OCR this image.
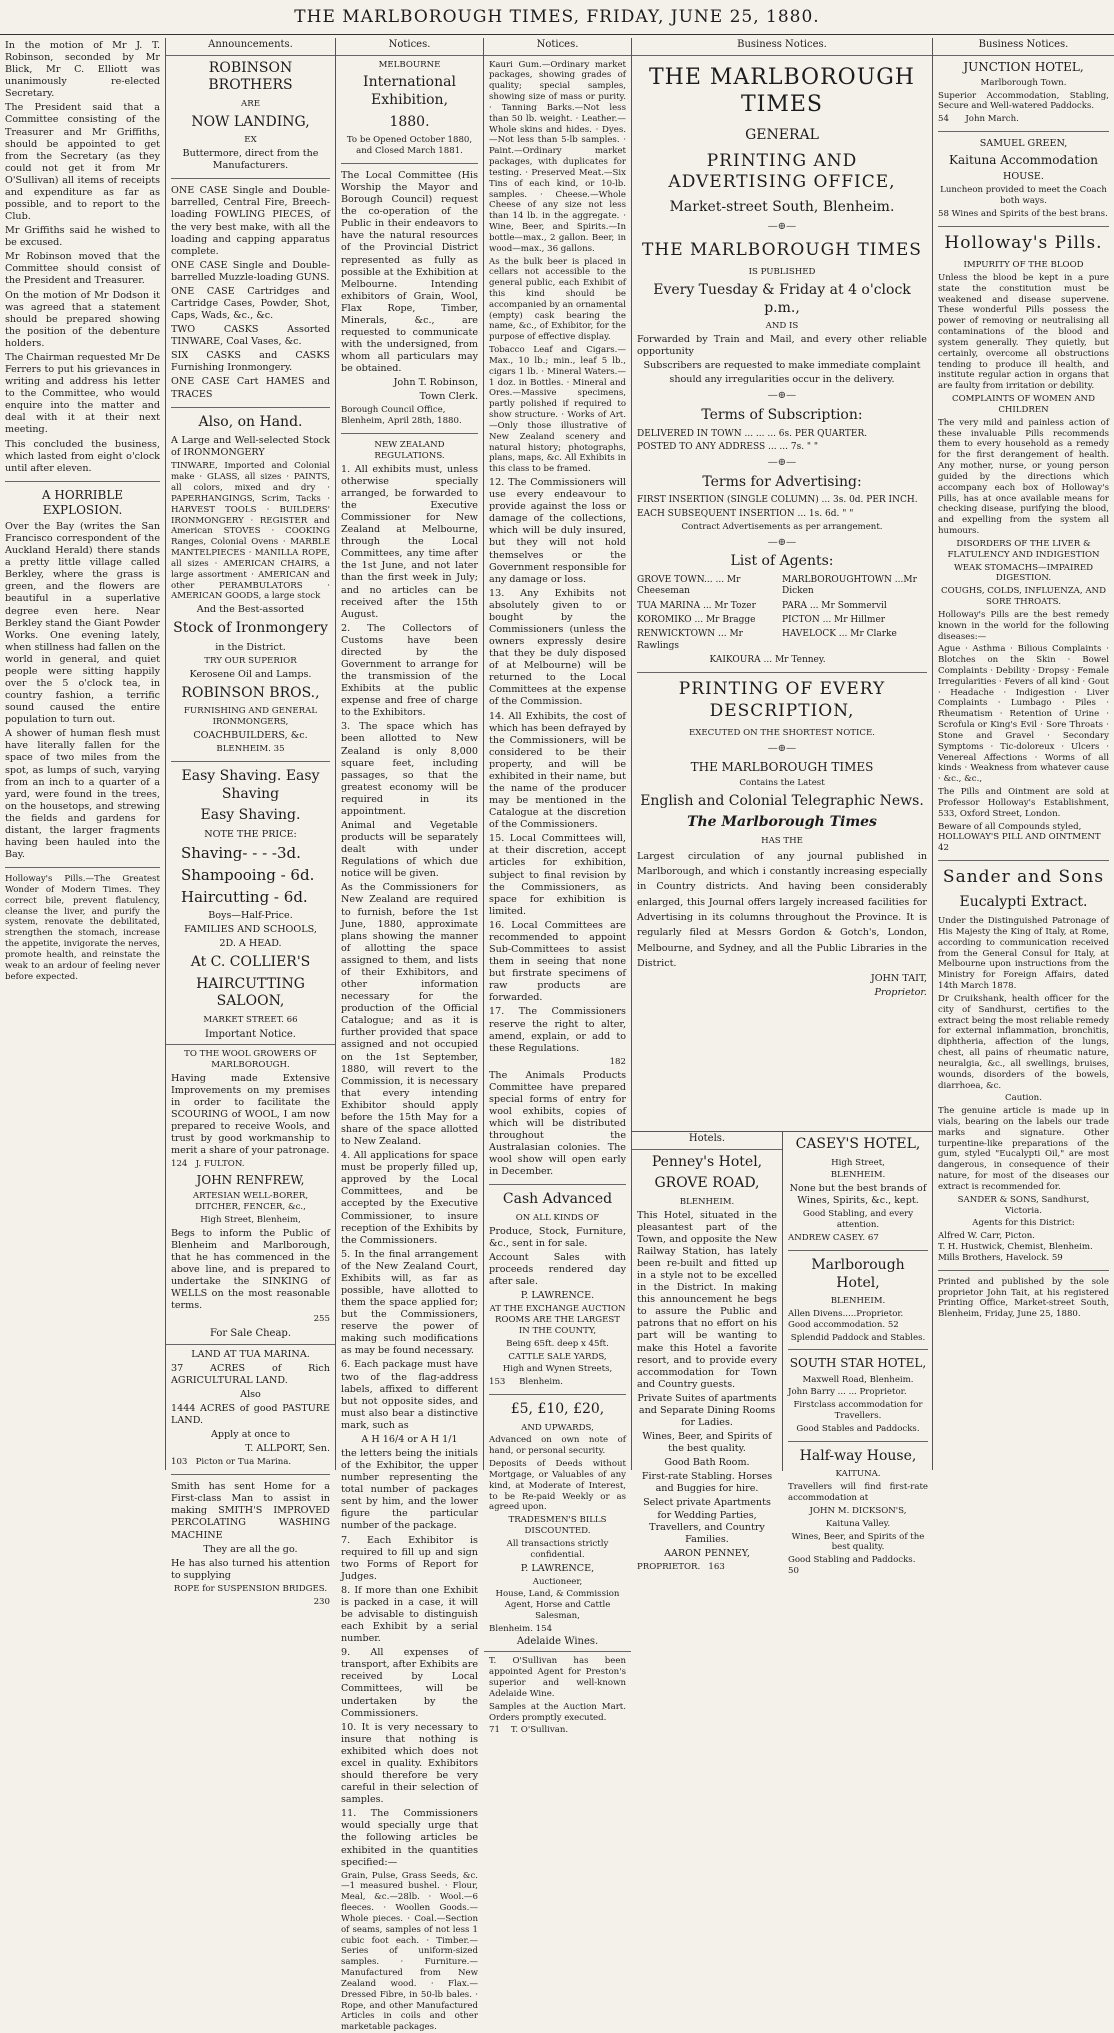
THE MARLBOROUGH TIMES, FRIDAY, JUNE 25, 1880.

In the motion of Mr J. T. Robinson, seconded by Mr Blick, Mr C. Elliott was unanimously re-elected Secretary.

The President said that a Committee consisting of the Treasurer and Mr Griffiths, should be appointed to get from the Secretary (as they could not get it from Mr O'Sullivan) all items of receipts and expenditure as far as possible, and to report to the Club.

Mr Griffiths said he wished to be excused.

Mr Robinson moved that the Committee should consist of the President and Treasurer.

On the motion of Mr Dodson it was agreed that a statement should be prepared showing the position of the debenture holders.

The Chairman requested Mr De Ferrers to put his grievances in writing and address his letter to the Committee, who would enquire into the matter and deal with it at their next meeting.

This concluded the business, which lasted from eight o'clock until after eleven.

A HORRIBLE EXPLOSION.

Over the Bay (writes the San Francisco correspondent of the Auckland Herald) there stands a pretty little village called Berkley, where the grass is green, and the flowers are beautiful in a superlative degree even here. Near Berkley stand the Giant Powder Works. One evening lately, when stillness had fallen on the world in general, and quiet people were sitting happily over the 5 o'clock tea, in country fashion, a terrific sound caused the entire population to turn out.

A shower of human flesh must have literally fallen for the space of two miles from the spot, as lumps of such, varying from an inch to a quarter of a yard, were found in the trees, on the housetops, and strewing the fields and gardens for distant, the larger fragments having been hauled into the Bay.

Holloway's Pills.—The Greatest Wonder of Modern Times. They correct bile, prevent flatulency, cleanse the liver, and purify the system, renovate the debilitated, strengthen the stomach, increase the appetite, invigorate the nerves, promote health, and reinstate the weak to an ardour of feeling never before expected.

Announcements.
ROBINSON BROTHERS
ARE
NOW LANDING,
EX
Buttermore, direct from the Manufacturers.

ONE CASE Single and Double-barrelled, Central Fire, Breech-loading FOWLING PIECES, of the very best make, with all the loading and capping apparatus complete.

ONE CASE Single and Double-barrelled Muzzle-loading GUNS.

ONE CASE Cartridges and Cartridge Cases, Powder, Shot, Caps, Wads, &c., &c.

TWO CASKS Assorted TINWARE, Coal Vases, &c.

SIX CASKS and CASKS Furnishing Ironmongery.

ONE CASE Cart HAMES and TRACES

Also, on Hand.

A Large and Well-selected Stock of IRONMONGERY

TINWARE, Imported and Colonial make · GLASS, all sizes · PAINTS, all colors, mixed and dry · PAPERHANGINGS, Scrim, Tacks · HARVEST TOOLS · BUILDERS' IRONMONGERY · REGISTER and American STOVES · COOKING Ranges, Colonial Ovens · MARBLE MANTELPIECES · MANILLA ROPE, all sizes · AMERICAN CHAIRS, a large assortment · AMERICAN and other PERAMBULATORS · AMERICAN GOODS, a large stock

And the Best-assorted
Stock of Ironmongery
in the District.
TRY OUR SUPERIOR
Kerosene Oil and Lamps.
ROBINSON BROS.,
FURNISHING AND GENERAL IRONMONGERS,
COACHBUILDERS, &c.
BLENHEIM. 35
Easy Shaving. Easy Shaving
Easy Shaving.
NOTE THE PRICE:
Shaving- - - -3d.
Shampooing - 6d.
Haircutting - 6d.
Boys—Half-Price.
FAMILIES AND SCHOOLS,
2D. A HEAD.
At C. COLLIER'S
HAIRCUTTING SALOON,
MARKET STREET. 66
Important Notice.
TO THE WOOL GROWERS OF MARLBOROUGH.

Having made Extensive Improvements on my premises in order to facilitate the SCOURING of WOOL, I am now prepared to receive Wools, and trust by good workmanship to merit a share of your patronage.

124 J. FULTON.
JOHN RENFREW,
ARTESIAN WELL-BORER, DITCHER, FENCER, &c.,
High Street, Blenheim,

Begs to inform the Public of Blenheim and Marlborough, that he has commenced in the above line, and is prepared to undertake the SINKING of WELLS on the most reasonable terms.

255
For Sale Cheap.
LAND AT TUA MARINA.

37 ACRES of Rich AGRICULTURAL LAND.

Also

1444 ACRES of good PASTURE LAND.

Apply at once to
T. ALLPORT, Sen.
103 Picton or Tua Marina.

Smith has sent Home for a First-class Man to assist in making SMITH'S IMPROVED PERCOLATING WASHING MACHINE

They are all the go.

He has also turned his attention to supplying

ROPE for SUSPENSION BRIDGES.
230
Notices.
MELBOURNE
International Exhibition,
1880.
To be Opened October 1880, and Closed March 1881.

The Local Committee (His Worship the Mayor and Borough Council) request the co-operation of the Public in their endeavors to have the natural resources of the Provincial District represented as fully as possible at the Exhibition at Melbourne. Intending exhibitors of Grain, Wool, Flax Rope, Timber, Minerals, &c., are requested to communicate with the undersigned, from whom all particulars may be obtained.

John T. Robinson,
Town Clerk.
Borough Council Office,
Blenheim, April 28th, 1880.
NEW ZEALAND REGULATIONS.

1. All exhibits must, unless otherwise specially arranged, be forwarded to the Executive Commissioner for New Zealand at Melbourne, through the Local Committees, any time after the 1st June, and not later than the first week in July; and no articles can be received after the 15th August.

2. The Collectors of Customs have been directed by the Government to arrange for the transmission of the Exhibits at the public expense and free of charge to the Exhibitors.

3. The space which has been allotted to New Zealand is only 8,000 square feet, including passages, so that the greatest economy will be required in its appointment.

Animal and Vegetable products will be separately dealt with under Regulations of which due notice will be given.

As the Commissioners for New Zealand are required to furnish, before the 1st June, 1880, approximate plans showing the manner of allotting the space assigned to them, and lists of their Exhibitors, and other information necessary for the production of the Official Catalogue; and as it is further provided that space assigned and not occupied on the 1st September, 1880, will revert to the Commission, it is necessary that every intending Exhibitor should apply before the 15th May for a share of the space allotted to New Zealand.

4. All applications for space must be properly filled up, approved by the Local Committees, and be accepted by the Executive Commissioner, to insure reception of the Exhibits by the Commissioners.

5. In the final arrangement of the New Zealand Court, Exhibits will, as far as possible, have allotted to them the space applied for; but the Commissioners, reserve the power of making such modifications as may be found necessary.

6. Each package must have two of the flag-address labels, affixed to different but not opposite sides, and must also bear a distinctive mark, such as

A H 16/4 or A H 1/1

the letters being the initials of the Exhibitor, the upper number representing the total number of packages sent by him, and the lower figure the particular number of the package.

7. Each Exhibitor is required to fill up and sign two Forms of Report for Judges.

8. If more than one Exhibit is packed in a case, it will be advisable to distinguish each Exhibit by a serial number.

9. All expenses of transport, after Exhibits are received by Local Committees, will be undertaken by the Commissioners.

10. It is very necessary to insure that nothing is exhibited which does not excel in quality. Exhibitors should therefore be very careful in their selection of samples.

11. The Commissioners would specially urge that the following articles be exhibited in the quantities specified:—

Grain, Pulse, Grass Seeds, &c.—1 measured bushel. · Flour, Meal, &c.—28lb. · Wool.—6 fleeces. · Woollen Goods.—Whole pieces. · Coal.—Section of seams, samples of not less 1 cubic foot each. · Timber.—Series of uniform-sized samples. · Furniture.—Manufactured from New Zealand wood. · Flax.—Dressed Fibre, in 50-lb bales. · Rope, and other Manufactured Articles in coils and other marketable packages.

Notices.

Kauri Gum.—Ordinary market packages, showing grades of quality; special samples, showing size of mass or purity. · Tanning Barks.—Not less than 50 lb. weight. · Leather.—Whole skins and hides. · Dyes.—Not less than 5-lb samples. · Paint.—Ordinary market packages, with duplicates for testing. · Preserved Meat.—Six Tins of each kind, or 10-lb. samples. · Cheese.—Whole Cheese of any size not less than 14 lb. in the aggregate. · Wine, Beer, and Spirits.—In bottle—max., 2 gallon. Beer, in wood—max., 36 gallons.

As the bulk beer is placed in cellars not accessible to the general public, each Exhibit of this kind should be accompanied by an ornamental (empty) cask bearing the name, &c., of Exhibitor, for the purpose of effective display.

Tobacco Leaf and Cigars.—Max., 10 lb.; min., leaf 5 lb., cigars 1 lb. · Mineral Waters.—1 doz. in Bottles. · Mineral and Ores.—Massive specimens, partly polished if required to show structure. · Works of Art.—Only those illustrative of New Zealand scenery and natural history; photographs, plans, maps, &c. All Exhibits in this class to be framed.

12. The Commissioners will use every endeavour to provide against the loss or damage of the collections, which will be duly insured, but they will not hold themselves or the Government responsible for any damage or loss.

13. Any Exhibits not absolutely given to or bought by the Commissioners (unless the owners expressly desire that they be duly disposed of at Melbourne) will be returned to the Local Committees at the expense of the Commission.

14. All Exhibits, the cost of which has been defrayed by the Commissioners, will be considered to be their property, and will be exhibited in their name, but the name of the producer may be mentioned in the Catalogue at the discretion of the Commissioners.

15. Local Committees will, at their discretion, accept articles for exhibition, subject to final revision by the Commissioners, as space for exhibition is limited.

16. Local Committees are recommended to appoint Sub-Committees to assist them in seeing that none but firstrate specimens of raw products are forwarded.

17. The Commissioners reserve the right to alter, amend, explain, or add to these Regulations.

182

The Animals Products Committee have prepared special forms of entry for wool exhibits, copies of which will be distributed throughout the Australasian colonies. The wool show will open early in December.

Cash Advanced
ON ALL KINDS OF

Produce, Stock, Furniture, &c., sent in for sale.

Account Sales with proceeds rendered day after sale.

P. LAWRENCE.
AT THE EXCHANGE AUCTION ROOMS ARE THE LARGEST IN THE COUNTY,
Being 65ft. deep x 45ft.
CATTLE SALE YARDS,
High and Wynen Streets,
153 Blenheim.
£5, £10, £20,
AND UPWARDS,

Advanced on own note of hand, or personal security.

Deposits of Deeds without Mortgage, or Valuables of any kind, at Moderate of Interest, to be Re-paid Weekly or as agreed upon.

TRADESMEN'S BILLS DISCOUNTED.
All transactions strictly confidential.
P. LAWRENCE,
Auctioneer,
House, Land, & Commission Agent, Horse and Cattle Salesman,
Blenheim. 154
Adelaide Wines.

T. O'Sullivan has been appointed Agent for Preston's superior and well-known Adelaide Wine.

Samples at the Auction Mart. Orders promptly executed.

71 T. O'Sullivan.
Business Notices.
THE MARLBOROUGH TIMES
GENERAL
PRINTING AND ADVERTISING OFFICE,
Market-street South, Blenheim.
—⊕—
THE MARLBOROUGH TIMES
IS PUBLISHED
Every Tuesday & Friday at 4 o'clock p.m.,
AND IS

Forwarded by Train and Mail, and every other reliable opportunity

Subscribers are requested to make immediate complaint
should any irregularities occur in the delivery.
—⊕—
Terms of Subscription:
DELIVERED IN TOWN ... ... ... 6s. PER QUARTER.
POSTED TO ANY ADDRESS ... ... 7s. " "
—⊕—
Terms for Advertising:
FIRST INSERTION (SINGLE COLUMN) ... 3s. 0d. PER INCH.
EACH SUBSEQUENT INSERTION ... 1s. 6d. " "
Contract Advertisements as per arrangement.
—⊕—
List of Agents:
GROVE TOWN... ... Mr Cheeseman
MARLBOROUGHTOWN ...Mr Dicken
TUA MARINA ... Mr Tozer	PARA ... Mr Sommervil
KOROMIKO ... Mr Bragge	PICTON ... Mr Hillmer
RENWICKTOWN ... Mr Rawlings
HAVELOCK ... Mr Clarke
KAIKOURA ... Mr Tenney.
PRINTING OF EVERY DESCRIPTION,
EXECUTED ON THE SHORTEST NOTICE.
—⊕—
THE MARLBOROUGH TIMES
Contains the Latest
English and Colonial Telegraphic News.
The Marlborough Times
HAS THE

Largest circulation of any journal published in Marlborough, and which i constantly increasing especially in Country districts. And having been considerably enlarged, this Journal offers largely increased facilities for Advertising in its columns throughout the Province. It is regularly filed at Messrs Gordon & Gotch's, London, Melbourne, and Sydney, and all the Public Libraries in the District.

JOHN TAIT,
Proprietor.
Hotels.
Penney's Hotel,
GROVE ROAD,
BLENHEIM.

This Hotel, situated in the pleasantest part of the Town, and opposite the New Railway Station, has lately been re-built and fitted up in a style not to be excelled in the District. In making this announcement he begs to assure the Public and patrons that no effort on his part will be wanting to make this Hotel a favorite resort, and to provide every accommodation for Town and Country guests.

Private Suites of apartments and Separate Dining Rooms for Ladies.
Wines, Beer, and Spirits of the best quality.
Good Bath Room.
First-rate Stabling. Horses and Buggies for hire.
Select private Apartments for Wedding Parties, Travellers, and Country Families.
AARON PENNEY,
PROPRIETOR. 163
CASEY'S HOTEL,
High Street,
BLENHEIM.

None but the best brands of Wines, Spirits, &c., kept.

Good Stabling, and every attention.
ANDREW CASEY. 67
Marlborough Hotel,
BLENHEIM.
Allen Divens.....Proprietor.
Good accommodation. 52
Splendid Paddock and Stables.
SOUTH STAR HOTEL,
Maxwell Road, Blenheim.
John Barry ... ... Proprietor.
Firstclass accommodation for Travellers.
Good Stables and Paddocks.
Half-way House,
KAITUNA.

Travellers will find first-rate accommodation at

JOHN M. DICKSON'S,
Kaituna Valley.
Wines, Beer, and Spirits of the best quality.
Good Stabling and Paddocks. 50
Business Notices.
JUNCTION HOTEL,
Marlborough Town.

Superior Accommodation, Stabling, Secure and Well-watered Paddocks.

54 John March.
SAMUEL GREEN,
Kaituna Accommodation
HOUSE.
Luncheon provided to meet the Coach both ways.
58 Wines and Spirits of the best brans.
Holloway's Pills.
IMPURITY OF THE BLOOD

Unless the blood be kept in a pure state the constitution must be weakened and disease supervene. These wonderful Pills possess the power of removing or neutralising all contaminations of the blood and system generally. They quietly, but certainly, overcome all obstructions tending to produce ill health, and institute regular action in organs that are faulty from irritation or debility.

COMPLAINTS OF WOMEN AND CHILDREN

The very mild and painless action of these invaluable Pills recommends them to every household as a remedy for the first derangement of health. Any mother, nurse, or young person guided by the directions which accompany each box of Holloway's Pills, has at once available means for checking disease, purifying the blood, and expelling from the system all humours.

DISORDERS OF THE LIVER & FLATULENCY AND INDIGESTION
WEAK STOMACHS—IMPAIRED DIGESTION.
COUGHS, COLDS, INFLUENZA, AND SORE THROATS.

Holloway's Pills are the best remedy known in the world for the following diseases:—

Ague · Asthma · Bilious Complaints · Blotches on the Skin · Bowel Complaints · Debility · Dropsy · Female Irregularities · Fevers of all kind · Gout · Headache · Indigestion · Liver Complaints · Lumbago · Piles · Rheumatism · Retention of Urine · Scrofula or King's Evil · Sore Throats · Stone and Gravel · Secondary Symptoms · Tic-doloreux · Ulcers · Venereal Affections · Worms of all kinds · Weakness from whatever cause · &c., &c.,

The Pills and Ointment are sold at Professor Holloway's Establishment, 533, Oxford Street, London.

Beware of all Compounds styled, HOLLOWAY'S PILL AND OINTMENT 42
Sander and Sons
Eucalypti Extract.

Under the Distinguished Patronage of His Majesty the King of Italy, at Rome, according to communication received from the General Consul for Italy, at Melbourne upon instructions from the Ministry for Foreign Affairs, dated 14th March 1878.

Dr Cruikshank, health officer for the city of Sandhurst, certifies to the extract being the most reliable remedy for external inflammation, bronchitis, diphtheria, affection of the lungs, chest, all pains of rheumatic nature, neuralgia, &c., all swellings, bruises, wounds, disorders of the bowels, diarrhoea, &c.

Caution.

The genuine article is made up in vials, bearing on the labels our trade marks and signature. Other turpentine-like preparations of the gum, styled "Eucalypti Oil," are most dangerous, in consequence of their nature, for most of the diseases our extract is recommended for.

SANDER & SONS, Sandhurst, Victoria.
Agents for this District:
Alfred W. Carr, Picton.
T. H. Hustwick, Chemist, Blenheim.
Mills Brothers, Havelock. 59

Printed and published by the sole proprietor John Tait, at his registered Printing Office, Market-street South, Blenheim, Friday, June 25, 1880.
